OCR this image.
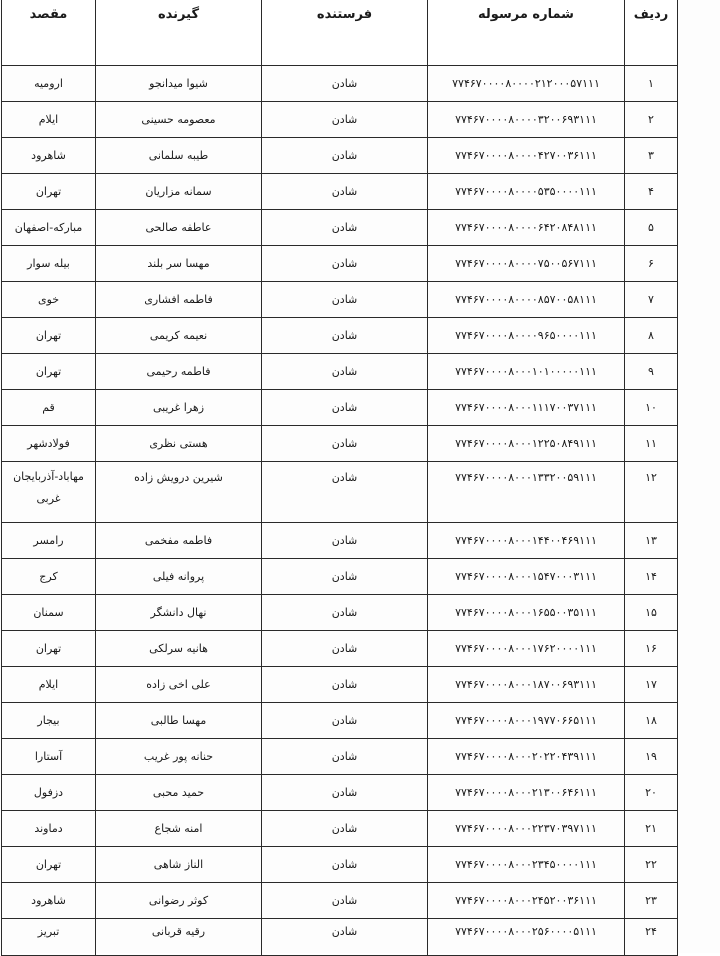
ردیف	شماره مرسوله	فرستنده	گیرنده	مقصد
۱	۷۷۴۶۷۰۰۰۰۸۰۰۰۰۲۱۲۰۰۰۵۷۱۱۱	شادن	شیوا میدانجو	ارومیه
۲	۷۷۴۶۷۰۰۰۰۸۰۰۰۰۳۲۰۰۶۹۳۱۱۱	شادن	معصومه حسینی	ایلام
۳	۷۷۴۶۷۰۰۰۰۸۰۰۰۰۴۲۷۰۰۳۶۱۱۱	شادن	طیبه سلمانی	شاهرود
۴	۷۷۴۶۷۰۰۰۰۸۰۰۰۰۵۳۵۰۰۰۰۱۱۱	شادن	سمانه مزاریان	تهران
۵	۷۷۴۶۷۰۰۰۰۸۰۰۰۰۶۴۲۰۸۴۸۱۱۱	شادن	عاطفه صالحی	مبارکه-اصفهان
۶	۷۷۴۶۷۰۰۰۰۸۰۰۰۰۷۵۰۰۵۶۷۱۱۱	شادن	مهسا سر بلند	بیله سوار
۷	۷۷۴۶۷۰۰۰۰۸۰۰۰۰۸۵۷۰۰۵۸۱۱۱	شادن	فاطمه افشاری	خوی
۸	۷۷۴۶۷۰۰۰۰۸۰۰۰۰۹۶۵۰۰۰۰۱۱۱	شادن	نعیمه کریمی	تهران
۹	۷۷۴۶۷۰۰۰۰۸۰۰۰۱۰۱۰۰۰۰۰۱۱۱	شادن	فاطمه رحیمی	تهران
۱۰	۷۷۴۶۷۰۰۰۰۸۰۰۰۱۱۱۷۰۰۳۷۱۱۱	شادن	زهرا غریبی	قم
۱۱	۷۷۴۶۷۰۰۰۰۸۰۰۰۱۲۲۵۰۸۴۹۱۱۱	شادن	هستی نظری	فولادشهر
۱۲	۷۷۴۶۷۰۰۰۰۸۰۰۰۱۳۳۲۰۰۵۹۱۱۱	شادن	شیرین درویش زاده	مهاباد-آذربایجان غربی
۱۳	۷۷۴۶۷۰۰۰۰۸۰۰۰۱۴۴۰۰۴۶۹۱۱۱	شادن	فاطمه مفخمی	رامسر
۱۴	۷۷۴۶۷۰۰۰۰۸۰۰۰۱۵۴۷۰۰۰۳۱۱۱	شادن	پروانه فیلی	کرج
۱۵	۷۷۴۶۷۰۰۰۰۸۰۰۰۱۶۵۵۰۰۳۵۱۱۱	شادن	نهال دانشگر	سمنان
۱۶	۷۷۴۶۷۰۰۰۰۸۰۰۰۱۷۶۲۰۰۰۰۱۱۱	شادن	هانیه سرلکی	تهران
۱۷	۷۷۴۶۷۰۰۰۰۸۰۰۰۱۸۷۰۰۶۹۳۱۱۱	شادن	علی اخی زاده	ایلام
۱۸	۷۷۴۶۷۰۰۰۰۸۰۰۰۱۹۷۷۰۶۶۵۱۱۱	شادن	مهسا طالبی	بیجار
۱۹	۷۷۴۶۷۰۰۰۰۸۰۰۰۲۰۲۲۰۴۳۹۱۱۱	شادن	حنانه پور غریب	آستارا
۲۰	۷۷۴۶۷۰۰۰۰۸۰۰۰۲۱۳۰۰۶۴۶۱۱۱	شادن	حمید محبی	دزفول
۲۱	۷۷۴۶۷۰۰۰۰۸۰۰۰۲۲۳۷۰۳۹۷۱۱۱	شادن	امنه شجاع	دماوند
۲۲	۷۷۴۶۷۰۰۰۰۸۰۰۰۲۳۴۵۰۰۰۰۱۱۱	شادن	الناز شاهی	تهران
۲۳	۷۷۴۶۷۰۰۰۰۸۰۰۰۲۴۵۲۰۰۳۶۱۱۱	شادن	کوثر رضوانی	شاهرود
۲۴	۷۷۴۶۷۰۰۰۰۸۰۰۰۲۵۶۰۰۰۰۵۱۱۱	شادن	رقیه قربانی	تبریز
